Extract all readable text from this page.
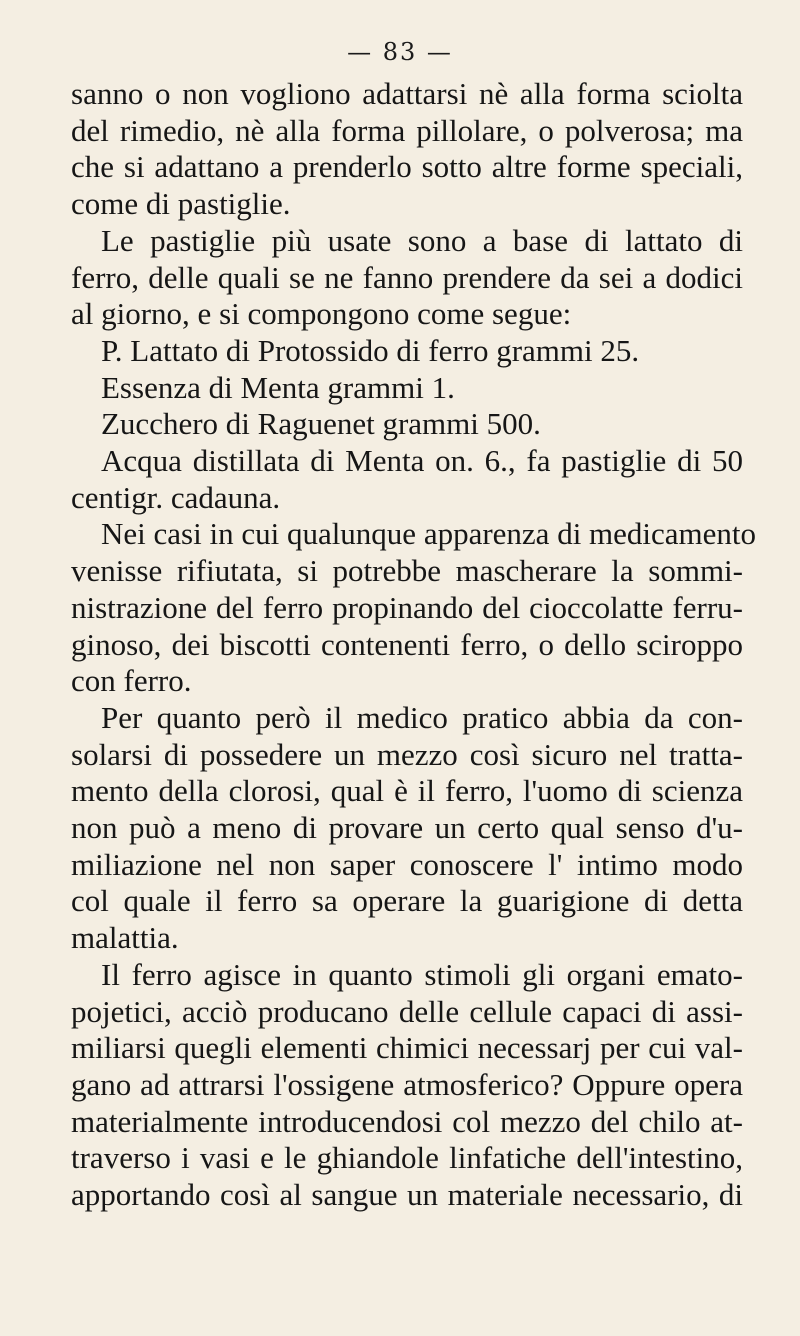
— 83 —
sanno o non vogliono adattarsi nè alla forma sciolta
del rimedio, nè alla forma pillolare, o polverosa; ma
che si adattano a prenderlo sotto altre forme speciali,
come di pastiglie.
Le pastiglie più usate sono a base di lattato di
ferro, delle quali se ne fanno prendere da sei a dodici
al giorno, e si compongono come segue:
P. Lattato di Protossido di ferro grammi 25.
Essenza di Menta grammi 1.
Zucchero di Raguenet grammi 500.
Acqua distillata di Menta on. 6., fa pastiglie di 50
centigr. cadauna.
Nei casi in cui qualunque apparenza di medicamento
venisse rifiutata, si potrebbe mascherare la sommi-
nistrazione del ferro propinando del cioccolatte ferru-
ginoso, dei biscotti contenenti ferro, o dello sciroppo
con ferro.
Per quanto però il medico pratico abbia da con-
solarsi di possedere un mezzo così sicuro nel tratta-
mento della clorosi, qual è il ferro, l'uomo di scienza
non può a meno di provare un certo qual senso d'u-
miliazione nel non saper conoscere l' intimo modo
col quale il ferro sa operare la guarigione di detta
malattia.
Il ferro agisce in quanto stimoli gli organi emato-
pojetici, acciò producano delle cellule capaci di assi-
miliarsi quegli elementi chimici necessarj per cui val-
gano ad attrarsi l'ossigene atmosferico? Oppure opera
materialmente introducendosi col mezzo del chilo at-
traverso i vasi e le ghiandole linfatiche dell'intestino,
apportando così al sangue un materiale necessario, di
